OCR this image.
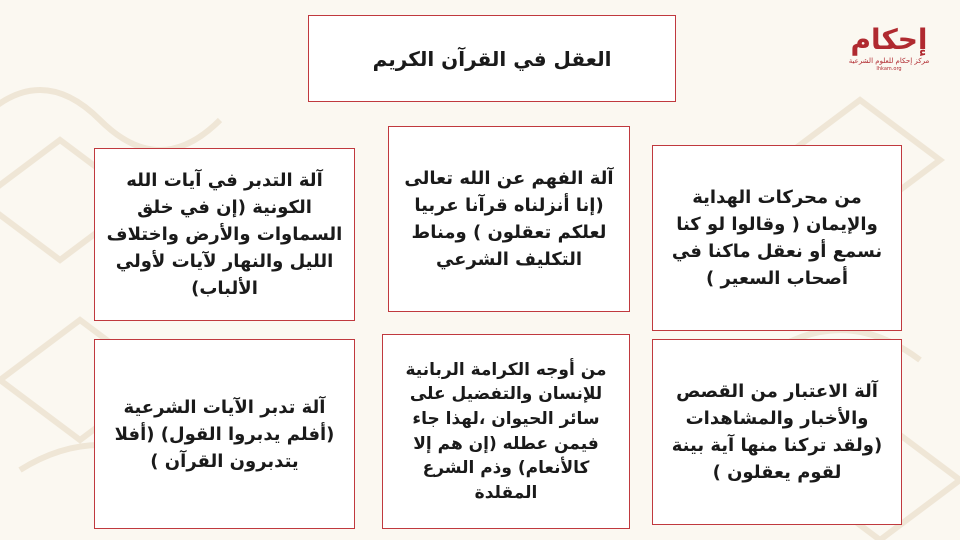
إحكام
مركز إحكام للعلوم الشرعية
Ihkam.org
العقل في القرآن الكريم
آلة التدبر في آيات الله الكونية (إن في خلق السماوات والأرض واختلاف الليل والنهار لآيات لأولي الألباب)
آلة الفهم عن الله تعالى (إنا أنزلناه قرآنا عربيا لعلكم تعقلون ) ومناط التكليف الشرعي
من محركات الهداية والإيمان ( وقالوا لو كنا نسمع أو نعقل ماكنا في أصحاب السعير )
آلة تدبر الآيات الشرعية (أفلم يدبروا القول) (أفلا يتدبرون القرآن )
من أوجه الكرامة الربانية للإنسان والتفضيل على سائر الحيوان ،لهذا جاء فيمن عطله (إن هم إلا كالأنعام) وذم الشرع المقلدة
آلة الاعتبار من القصص والأخبار والمشاهدات (ولقد تركنا منها آية بينة لقوم يعقلون )
